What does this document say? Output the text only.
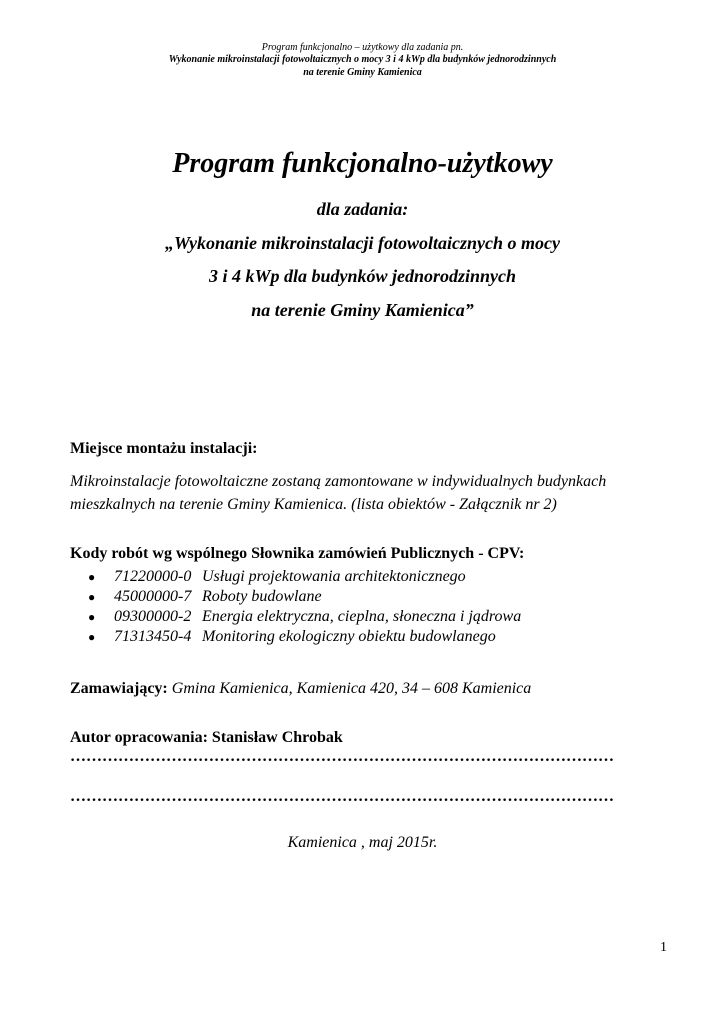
Program funkcjonalno – użytkowy dla zadania pn.
Wykonanie mikroinstalacji fotowoltaicznych o mocy 3 i 4 kWp dla budynków jednorodzinnych
na terenie Gminy Kamienica
Program funkcjonalno-użytkowy
dla zadania:
„Wykonanie mikroinstalacji fotowoltaicznych o mocy
3 i 4 kWp dla budynków jednorodzinnych
na terenie Gminy Kamienica”
Miejsce montażu instalacji:
Mikroinstalacje fotowoltaiczne zostaną zamontowane w indywidualnych budynkach mieszkalnych na terenie Gminy Kamienica. (lista obiektów - Załącznik nr 2)
Kody robót wg wspólnego Słownika zamówień Publicznych - CPV:
● 71220000-0 Usługi projektowania architektonicznego
● 45000000-7 Roboty budowlane
● 09300000-2 Energia elektryczna, cieplna, słoneczna i jądrowa
● 71313450-4 Monitoring ekologiczny obiektu budowlanego
Zamawiający: Gmina Kamienica, Kamienica 420, 34 – 608 Kamienica
Autor opracowania: Stanisław Chrobak
…………………………………………………………………………………………
…………………………………………………………………………………………
Kamienica , maj 2015r.
1
